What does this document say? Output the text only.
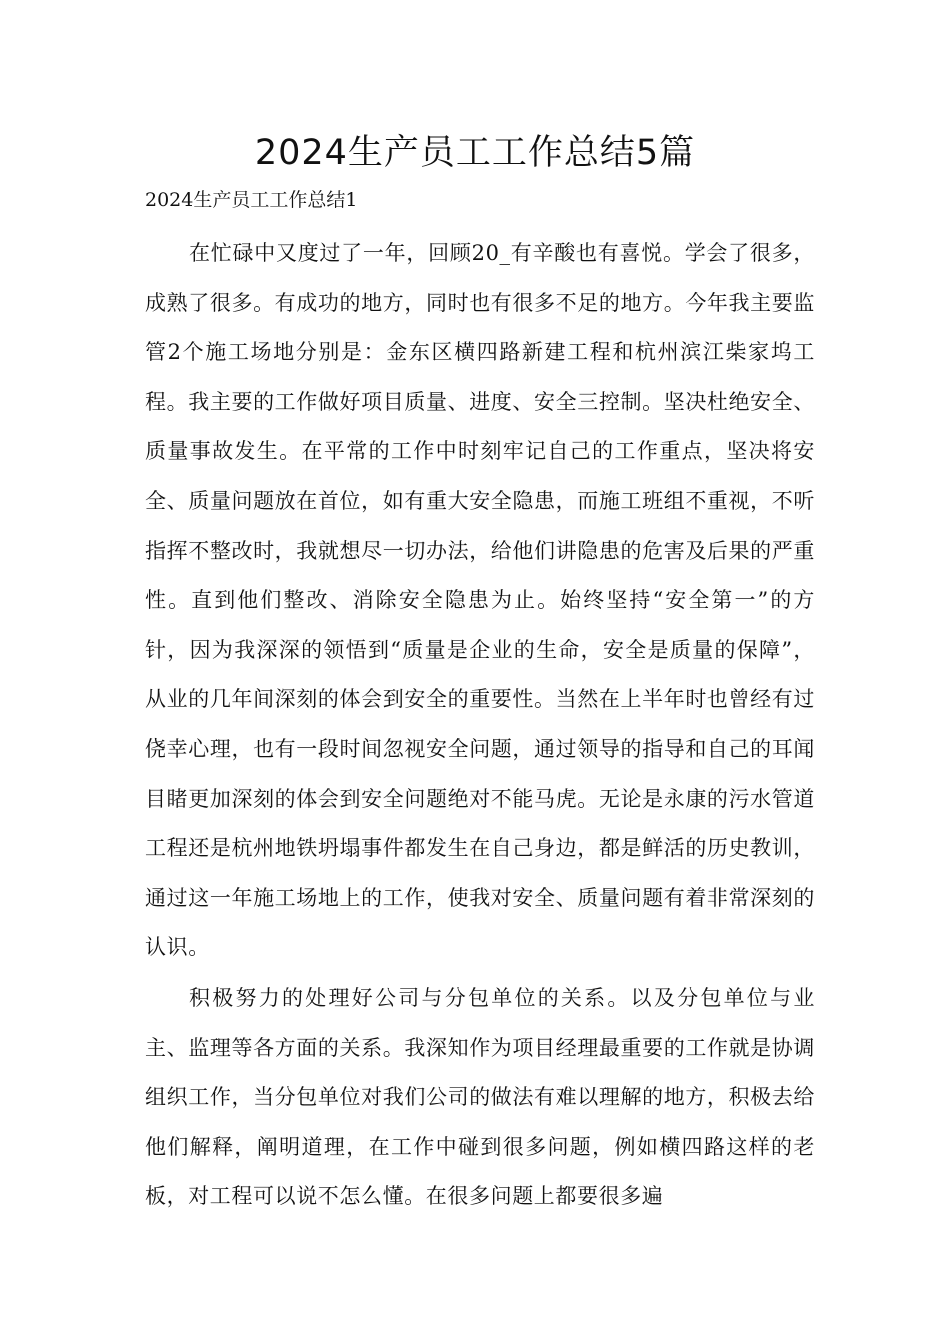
2024生产员工工作总结5篇

2024生产员工工作总结1

在忙碌中又度过了一年，回顾20_有辛酸也有喜悦。学会了很多，成熟了很多。有成功的地方，同时也有很多不足的地方。今年我主要监管2个施工场地分别是：金东区横四路新建工程和杭州滨江柴家坞工程。我主要的工作做好项目质量、进度、安全三控制。坚决杜绝安全、质量事故发生。在平常的工作中时刻牢记自己的工作重点，坚决将安全、质量问题放在首位，如有重大安全隐患，而施工班组不重视，不听指挥不整改时，我就想尽一切办法，给他们讲隐患的危害及后果的严重性。直到他们整改、消除安全隐患为止。始终坚持“安全第一”的方针，因为我深深的领悟到“质量是企业的生命，安全是质量的保障”，从业的几年间深刻的体会到安全的重要性。当然在上半年时也曾经有过侥幸心理，也有一段时间忽视安全问题，通过领导的指导和自己的耳闻目睹更加深刻的体会到安全问题绝对不能马虎。无论是永康的污水管道工程还是杭州地铁坍塌事件都发生在自己身边，都是鲜活的历史教训，通过这一年施工场地上的工作，使我对安全、质量问题有着非常深刻的认识。

积极努力的处理好公司与分包单位的关系。以及分包单位与业主、监理等各方面的关系。我深知作为项目经理最重要的工作就是协调组织工作，当分包单位对我们公司的做法有难以理解的地方，积极去给他们解释，阐明道理，在工作中碰到很多问题，例如横四路这样的老板，对工程可以说不怎么懂。在很多问题上都要很多遍
